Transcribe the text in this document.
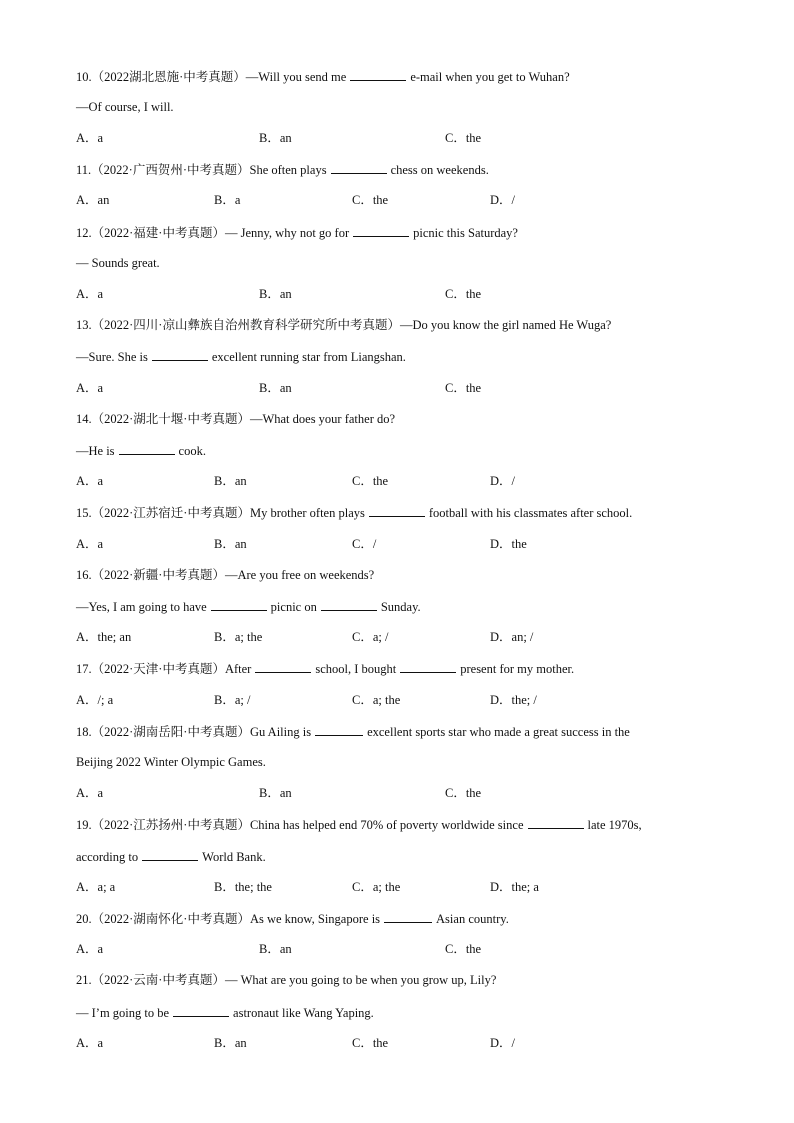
10.（2022湖北恩施·中考真题）—Will you send me	e-mail when you get to Wuhan?
—Of course, I will.
A．a	B．an	C．the
11.（2022·广西贺州·中考真题）She often plays	chess on weekends.
A．an	B．a	C．the	D．/
12.（2022·福建·中考真题）— Jenny, why not go for	picnic this Saturday?
— Sounds great.
A．a	B．an	C．the
13.（2022·四川·凉山彝族自治州教育科学研究所中考真题）—Do you know the girl named He Wuga?
—Sure. She is	excellent running star from Liangshan.
A．a	B．an	C．the
14.（2022·湖北十堰·中考真题）—What does your father do?
—He is	cook.
A．a	B．an	C．the	D．/
15.（2022·江苏宿迁·中考真题）My brother often plays	football with his classmates after school.
A．a	B．an	C．/	D．the
16.（2022·新疆·中考真题）—Are you free on weekends?
—Yes, I am going to have	picnic on	Sunday.
A．the; an	B．a; the	C．a; /	D．an; /
17.（2022·天津·中考真题）After	school, I bought	present for my mother.
A．/; a	B．a; /	C．a; the	D．the; /
18.（2022·湖南岳阳·中考真题）Gu Ailing is	excellent sports star who made a great success in the
Beijing 2022 Winter Olympic Games.
A．a	B．an	C．the
19.（2022·江苏扬州·中考真题）China has helped end 70% of poverty worldwide since	late 1970s,
according to	World Bank.
A．a; a	B．the; the	C．a; the	D．the; a
20.（2022·湖南怀化·中考真题）As we know, Singapore is	Asian country.
A．a	B．an	C．the
21.（2022·云南·中考真题）— What are you going to be when you grow up, Lily?
— I’m going to be	astronaut like Wang Yaping.
A．a	B．an	C．the	D．/
